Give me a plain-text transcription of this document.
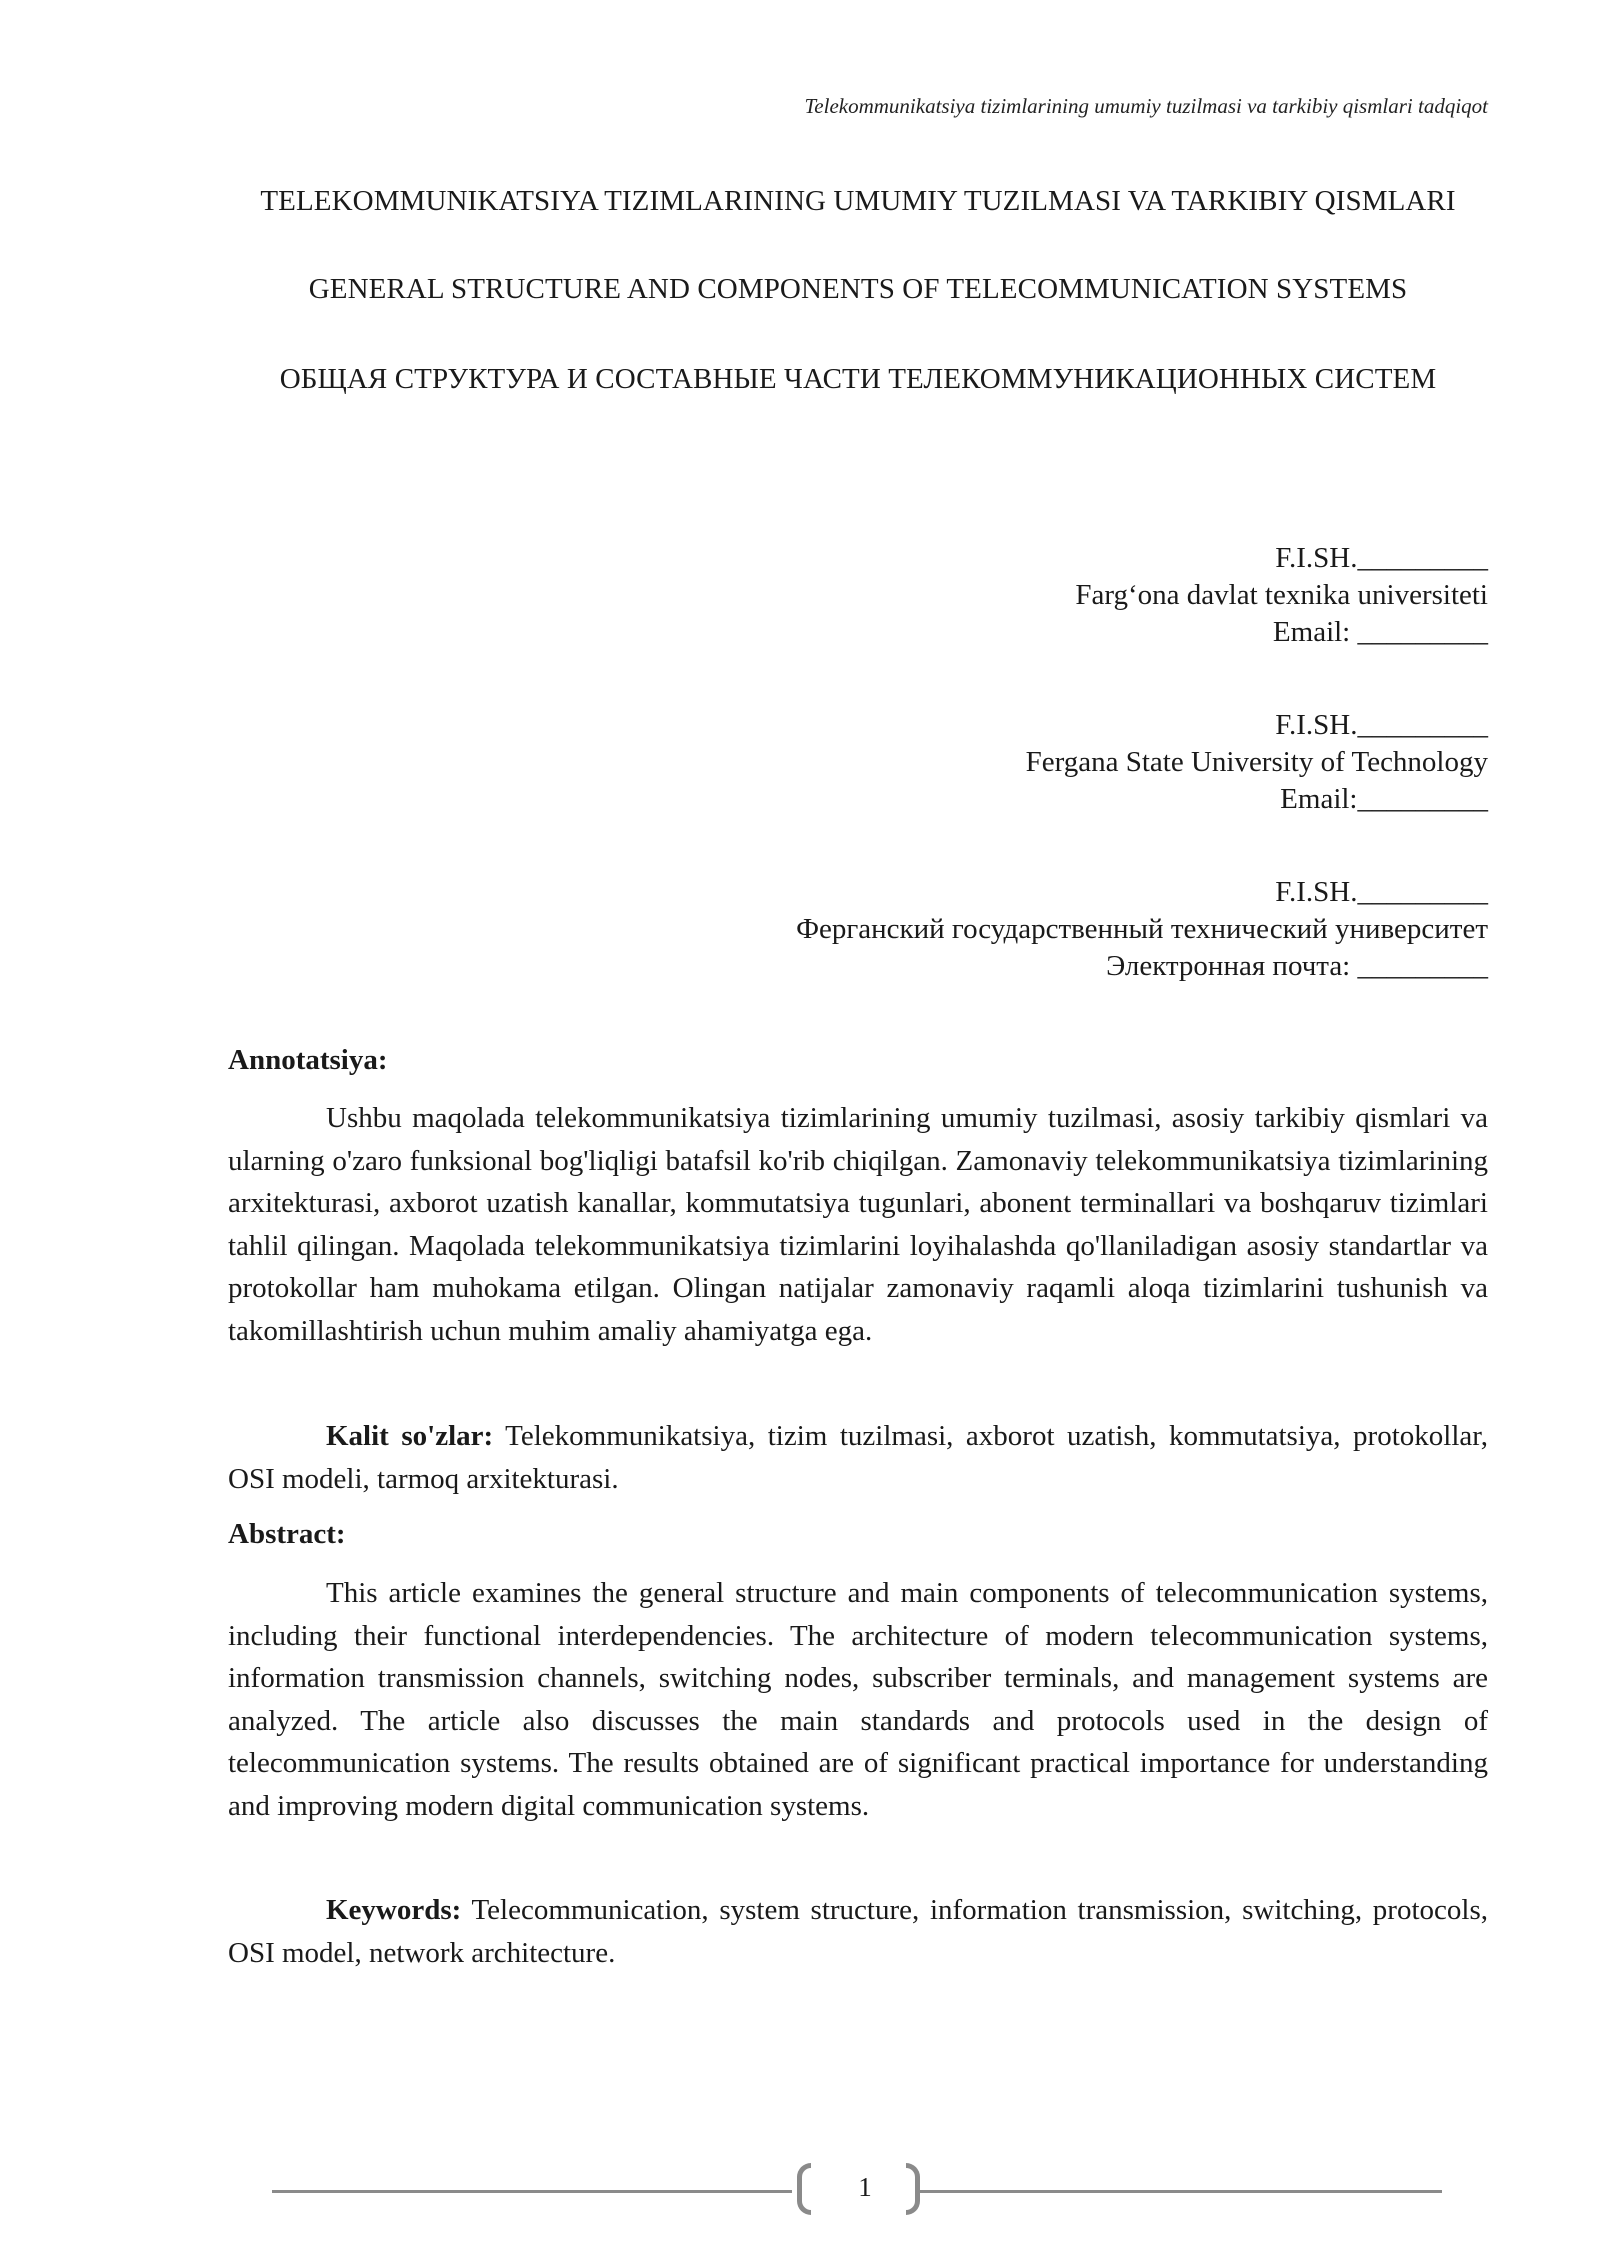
Telekommunikatsiya tizimlarining umumiy tuzilmasi va tarkibiy qismlari tadqiqot
TELEKOMMUNIKATSIYA TIZIMLARINING UMUMIY TUZILMASI VA TARKIBIY QISMLARI
GENERAL STRUCTURE AND COMPONENTS OF TELECOMMUNICATION SYSTEMS
ОБЩАЯ СТРУКТУРА И СОСТАВНЫЕ ЧАСТИ ТЕЛЕКОММУНИКАЦИОННЫХ СИСТЕМ
F.I.SH._________
Farg‘ona davlat texnika universiteti
Email: _________
F.I.SH._________
Fergana State University of Technology
Email:_________
F.I.SH._________
Ферганский государственный технический университет
Электронная почта: _________
Annotatsiya:

Ushbu maqolada telekommunikatsiya tizimlarining umumiy tuzilmasi, asosiy tarkibiy qismlari va ularning o'zaro funksional bog'liqligi batafsil ko'rib chiqilgan. Zamonaviy telekommunikatsiya tizimlarining arxitekturasi, axborot uzatish kanallar, kommutatsiya tugunlari, abonent terminallari va boshqaruv tizimlari tahlil qilingan. Maqolada telekommunikatsiya tizimlarini loyihalashda qo'llaniladigan asosiy standartlar va protokollar ham muhokama etilgan. Olingan natijalar zamonaviy raqamli aloqa tizimlarini tushunish va takomillashtirish uchun muhim amaliy ahamiyatga ega.

Kalit so'zlar: Telekommunikatsiya, tizim tuzilmasi, axborot uzatish, kommutatsiya, protokollar, OSI modeli, tarmoq arxitekturasi.

Abstract:

This article examines the general structure and main components of telecommunication systems, including their functional interdependencies. The architecture of modern telecommunication systems, information transmission channels, switching nodes, subscriber terminals, and management systems are analyzed. The article also discusses the main standards and protocols used in the design of telecommunication systems. The results obtained are of significant practical importance for understanding and improving modern digital communication systems.

Keywords: Telecommunication, system structure, information transmission, switching, protocols, OSI model, network architecture.

1
